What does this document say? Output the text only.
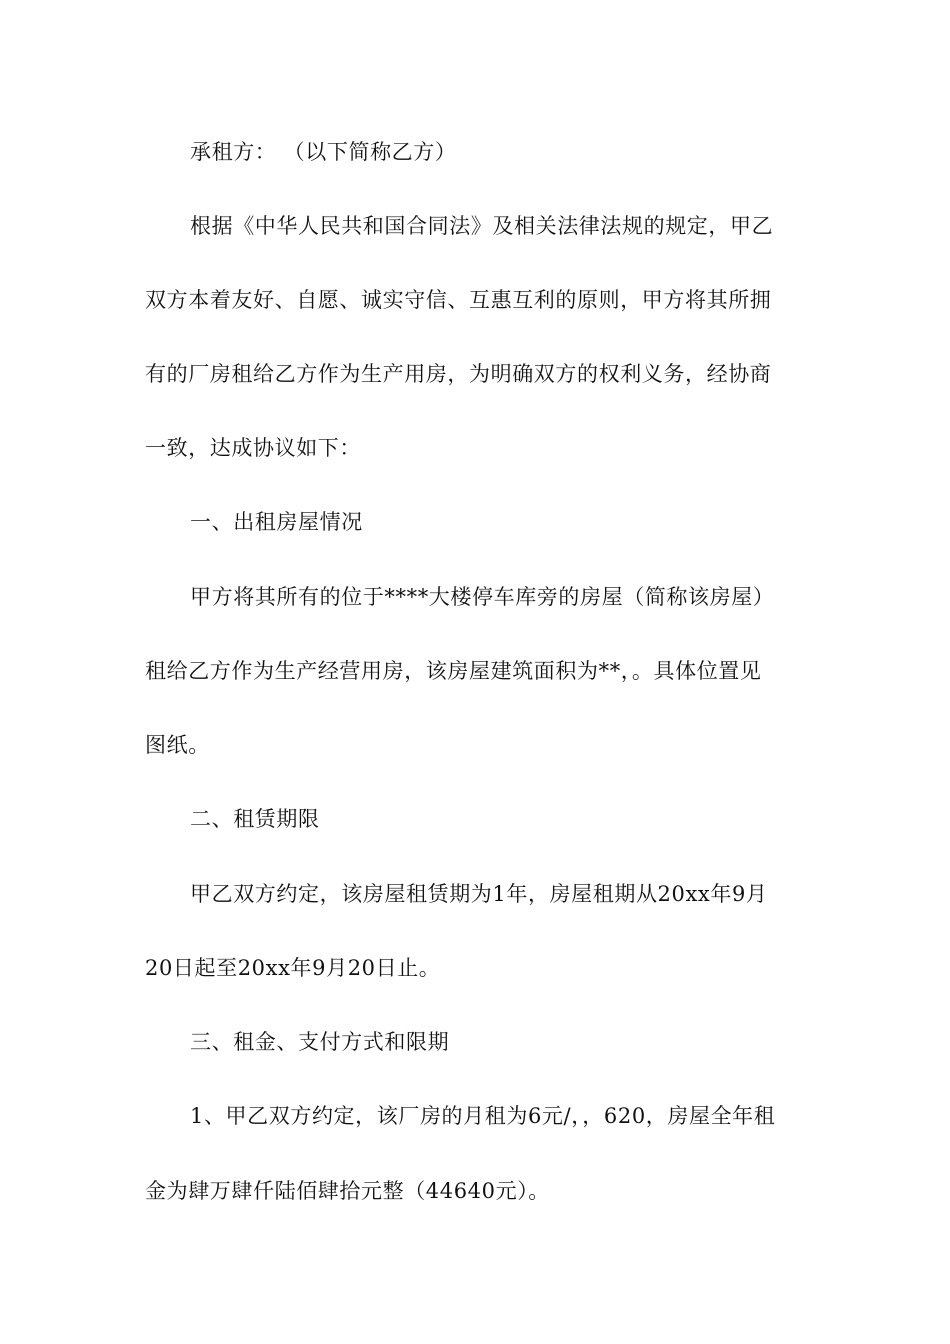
承租方： （以下简称乙方）
根据《中华人民共和国合同法》及相关法律法规的规定，甲乙
双方本着友好、自愿、诚实守信、互惠互利的原则，甲方将其所拥
有的厂房租给乙方作为生产用房，为明确双方的权利义务，经协商
一致，达成协议如下：
一、出租房屋情况
甲方将其所有的位于****大楼停车库旁的房屋（简称该房屋）
租给乙方作为生产经营用房，该房屋建筑面积为**，。具体位置见
图纸。
二、租赁期限
甲乙双方约定，该房屋租赁期为1年，房屋租期从20xx年9月
20日起至20xx年9月20日止。
三、租金、支付方式和限期
1、甲乙双方约定，该厂房的月租为6元/，，620，房屋全年租
金为肆万肆仟陆佰肆拾元整（44640元）。
